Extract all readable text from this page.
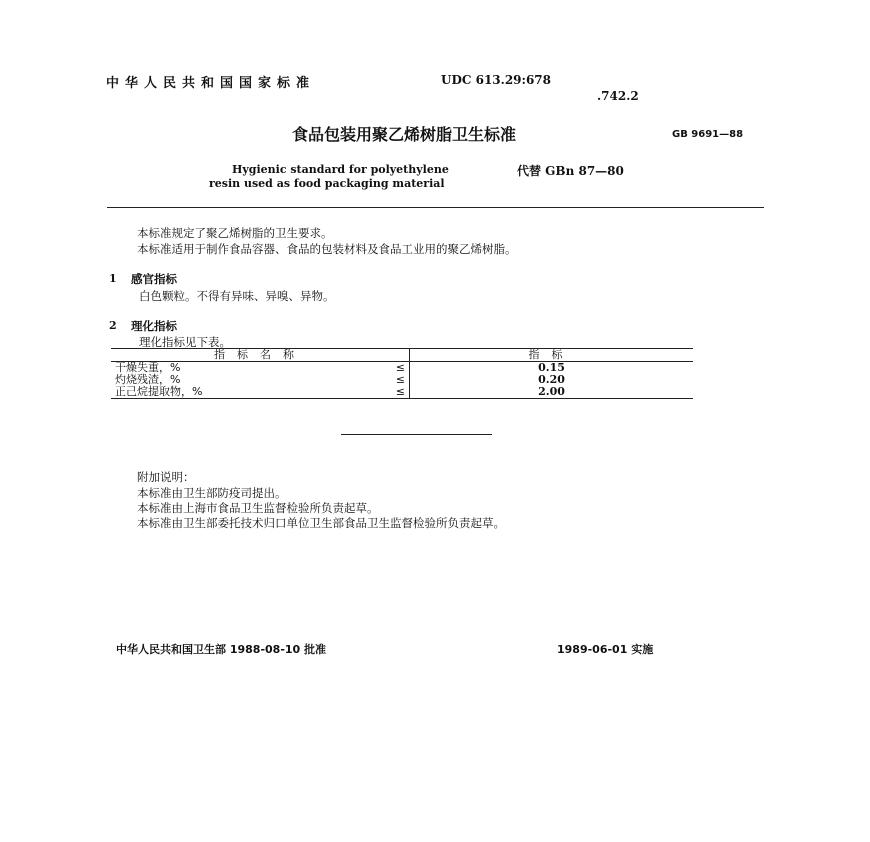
中华人民共和国国家标准	UDC 613.29:678
.742.2
食品包装用聚乙烯树脂卫生标准	GB 9691—88
Hygienic standard for polyethylene
resin used as food packaging material
代替 GBn 87—80
本标准规定了聚乙烯树脂的卫生要求。
本标准适用于制作食品容器、食品的包装材料及食品工业用的聚乙烯树脂。
1 感官指标
白色颗粒。不得有异味、异嗅、异物。
2 理化指标
理化指标见下表。
指标名称		指标
干燥失重，%	≤	0.15
灼烧残渣，%	≤	0.20
正己烷提取物，%	≤	2.00
附加说明：
本标准由卫生部防疫司提出。
本标准由上海市食品卫生监督检验所负责起草。
本标准由卫生部委托技术归口单位卫生部食品卫生监督检验所负责起草。
中华人民共和国卫生部 1988-08-10 批准	1989-06-01 实施
